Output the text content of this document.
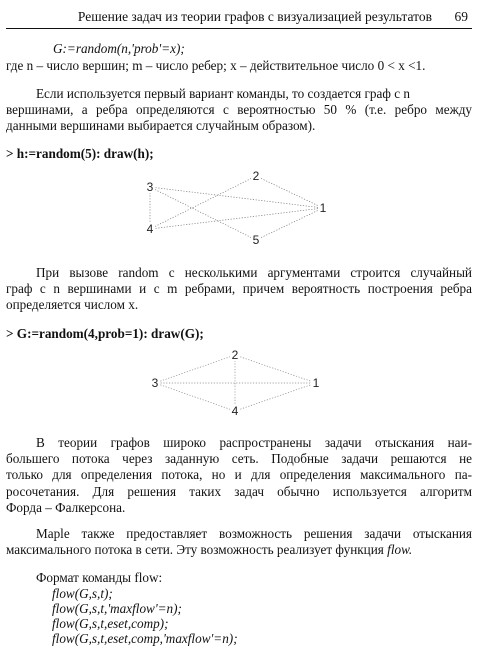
Решение задач из теории графов с визуализацией результатов 69
G:=random(n,'prob'=x);
где n – число вершин; m – число ребер; x – действительное число 0 < x <1.
Если используется первый вариант команды, то создается граф с n
вершинами, а ребра определяются с вероятностью 50 % (т.е. ребро между
данными вершинами выбирается случайным образом).
> h:=random(5): draw(h);
1
2
3
4
5
При вызове random с несколькими аргументами строится случайный
граф с n вершинами и с m ребрами, причем вероятность построения ребра
определяется числом x.
> G:=random(4,prob=1): draw(G);
1
2
3
4
В теории графов широко распространены задачи отыскания наи-
большего потока через заданную сеть. Подобные задачи решаются не
только для определения потока, но и для определения максимального па-
росочетания. Для решения таких задач обычно используется алгоритм
Форда – Фалкерсона.
Maple также предоставляет возможность решения задачи отыскания
максимального потока в сети. Эту возможность реализует функция flow.
Формат команды flow:
flow(G,s,t);
flow(G,s,t,'maxflow'=n);
flow(G,s,t,eset,comp);
flow(G,s,t,eset,comp,'maxflow'=n);
